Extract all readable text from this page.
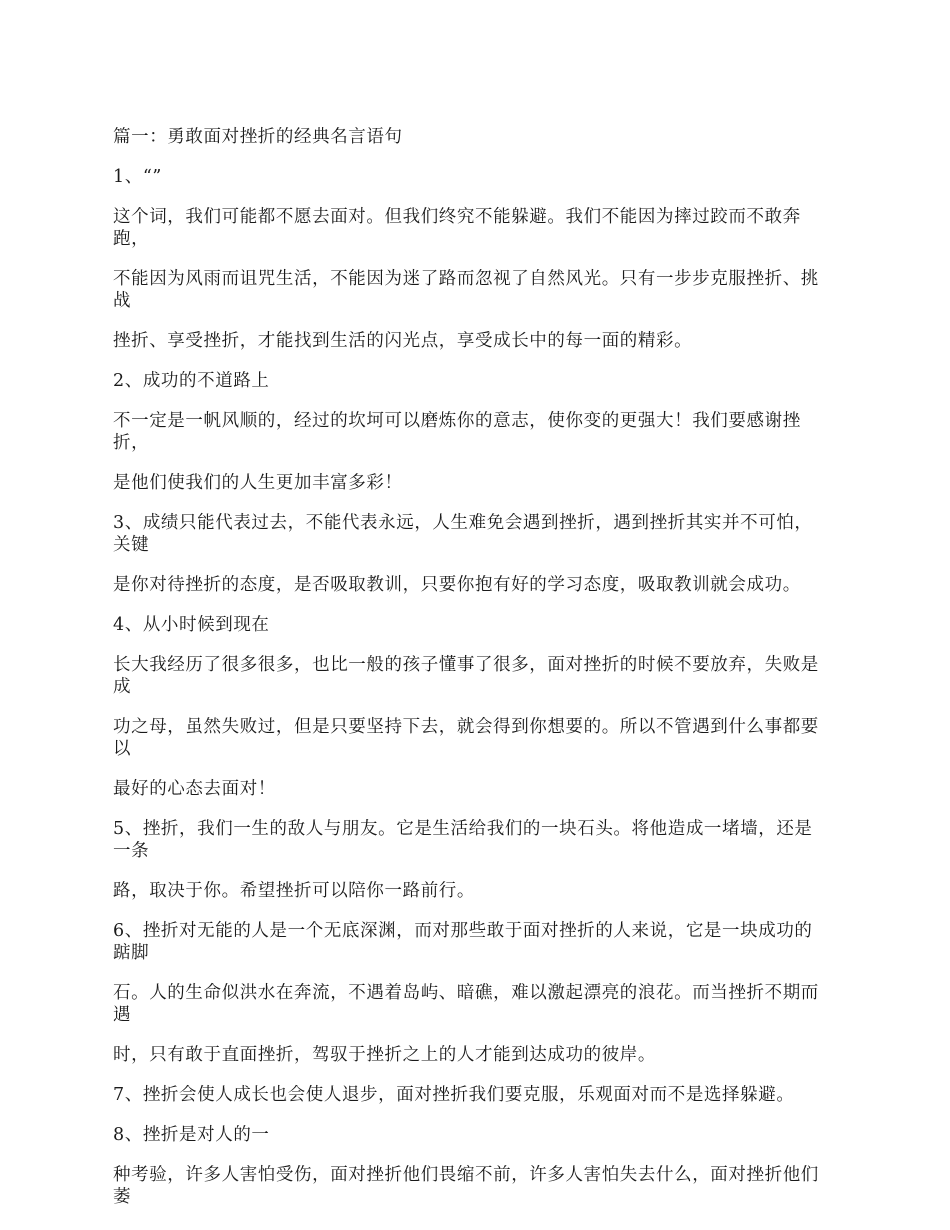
篇一：勇敢面对挫折的经典名言语句

1、“”

这个词，我们可能都不愿去面对。但我们终究不能躲避。我们不能因为摔过跤而不敢奔
跑，

不能因为风雨而诅咒生活，不能因为迷了路而忽视了自然风光。只有一步步克服挫折、挑
战

挫折、享受挫折，才能找到生活的闪光点，享受成长中的每一面的精彩。

2、成功的不道路上

不一定是一帆风顺的，经过的坎坷可以磨炼你的意志，使你变的更强大！我们要感谢挫
折，

是他们使我们的人生更加丰富多彩！

3、成绩只能代表过去，不能代表永远，人生难免会遇到挫折，遇到挫折其实并不可怕，
关键

是你对待挫折的态度，是否吸取教训，只要你抱有好的学习态度，吸取教训就会成功。

4、从小时候到现在

长大我经历了很多很多，也比一般的孩子懂事了很多，面对挫折的时候不要放弃，失败是
成

功之母，虽然失败过，但是只要坚持下去，就会得到你想要的。所以不管遇到什么事都要
以

最好的心态去面对！

5、挫折，我们一生的敌人与朋友。它是生活给我们的一块石头。将他造成一堵墙，还是
一条

路，取决于你。希望挫折可以陪你一路前行。

6、挫折对无能的人是一个无底深渊，而对那些敢于面对挫折的人来说，它是一块成功的
踮脚

石。人的生命似洪水在奔流，不遇着岛屿、暗礁，难以激起漂亮的浪花。而当挫折不期而
遇

时，只有敢于直面挫折，驾驭于挫折之上的人才能到达成功的彼岸。

7、挫折会使人成长也会使人退步，面对挫折我们要克服，乐观面对而不是选择躲避。

8、挫折是对人的一

种考验，许多人害怕受伤，面对挫折他们畏缩不前，许多人害怕失去什么，面对挫折他们
萎
